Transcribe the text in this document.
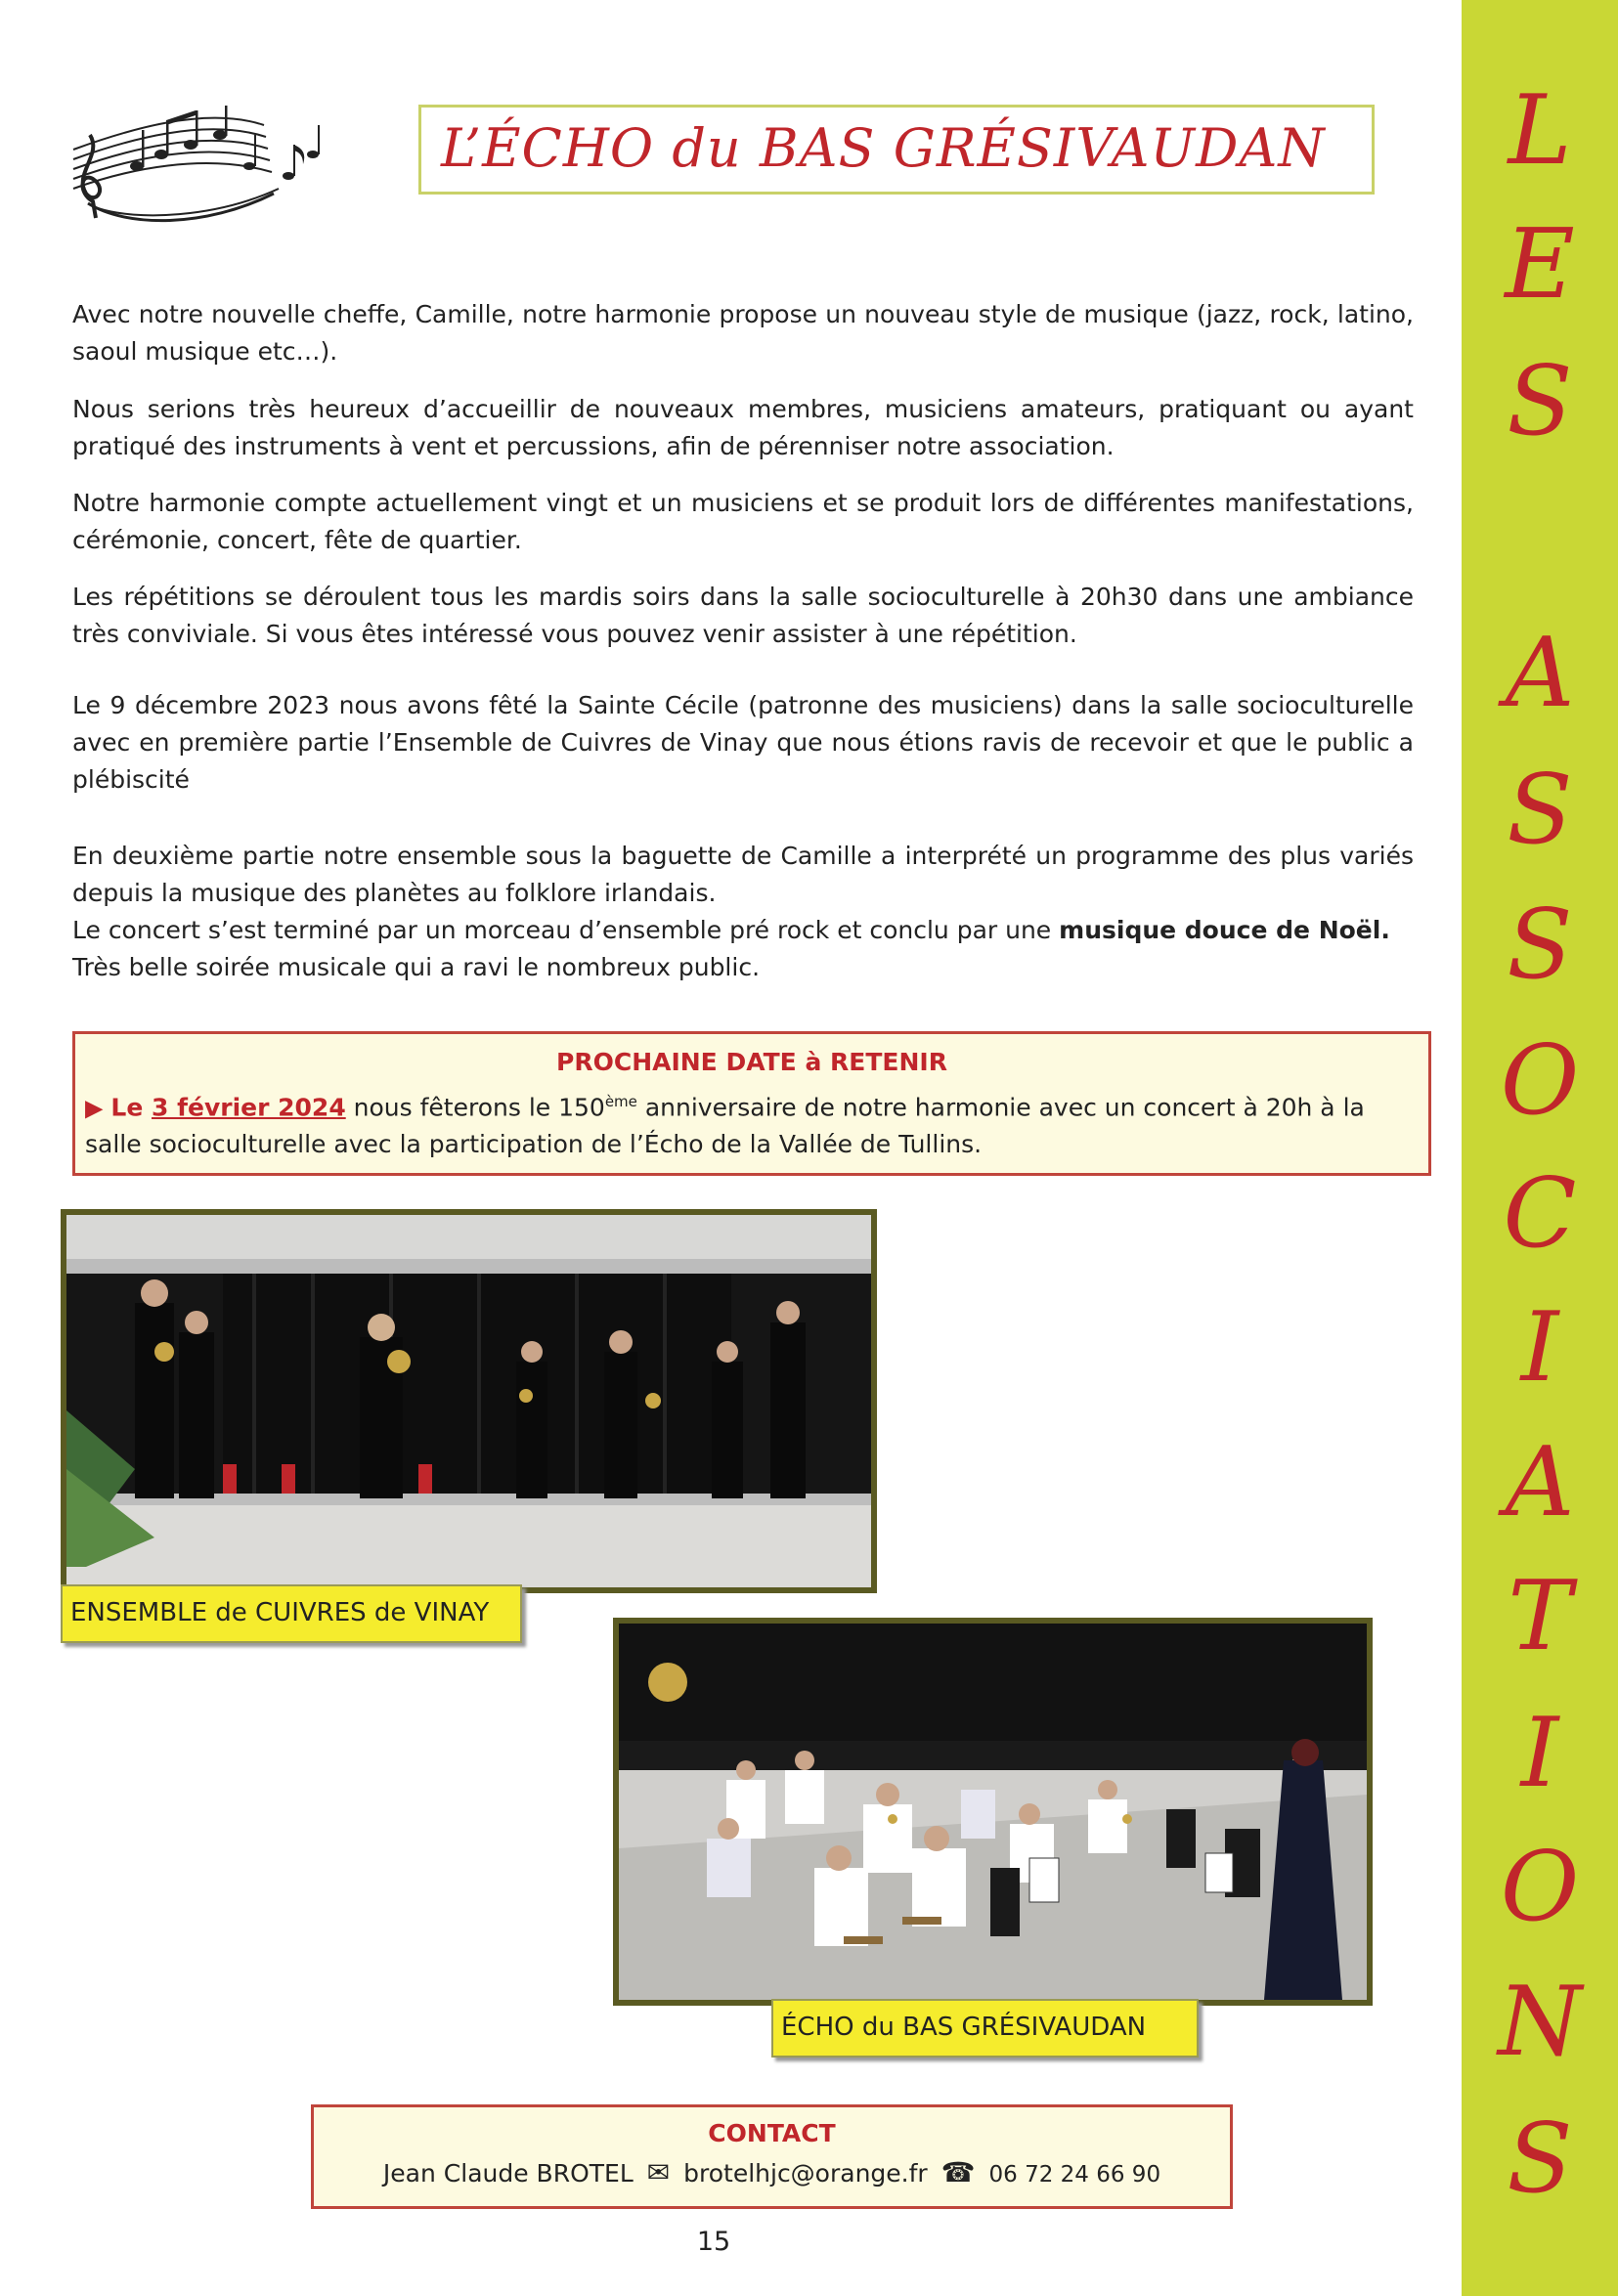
L
E
S
A
S
S
O
C
I
A
T
I
O
N
S
L’ÉCHO du BAS GRÉSIVAUDAN
Avec notre nouvelle cheffe, Camille, notre harmonie propose un nouveau style de musique (jazz, rock, latino, saoul musique etc…).
Nous serions très heureux d’accueillir de nouveaux membres, musiciens amateurs, pratiquant ou ayant pratiqué des instruments à vent et percussions, afin de pérenniser notre association.
Notre harmonie compte actuellement vingt et un musiciens et se produit lors de différentes manifestations, cérémonie, concert, fête de quartier.
Les répétitions se déroulent tous les mardis soirs dans la salle socioculturelle à 20h30 dans une ambiance très conviviale. Si vous êtes intéressé vous pouvez venir assister à une répétition.
Le 9 décembre 2023 nous avons fêté la Sainte Cécile (patronne des musiciens) dans la salle socioculturelle avec en première partie l’Ensemble de Cuivres de Vinay que nous étions ravis de recevoir et que le public a plébiscité
En deuxième partie notre ensemble sous la baguette de Camille a interprété un programme des plus variés depuis la musique des planètes au folklore irlandais.
Le concert s’est terminé par un morceau d’ensemble pré rock et conclu par une musique douce de Noël.
Très belle soirée musicale qui a ravi le nombreux public.
PROCHAINE DATE à RETENIR
▶ Le 3 février 2024 nous fêterons le 150ème anniversaire de notre harmonie avec un concert à 20h à la salle socioculturelle avec la participation de l’Écho de la Vallée de Tullins.
ENSEMBLE de CUIVRES de VINAY
ÉCHO du BAS GRÉSIVAUDAN
CONTACT
Jean Claude BROTEL ✉ brotelhjc@orange.fr ☎ 06 72 24 66 90
15
